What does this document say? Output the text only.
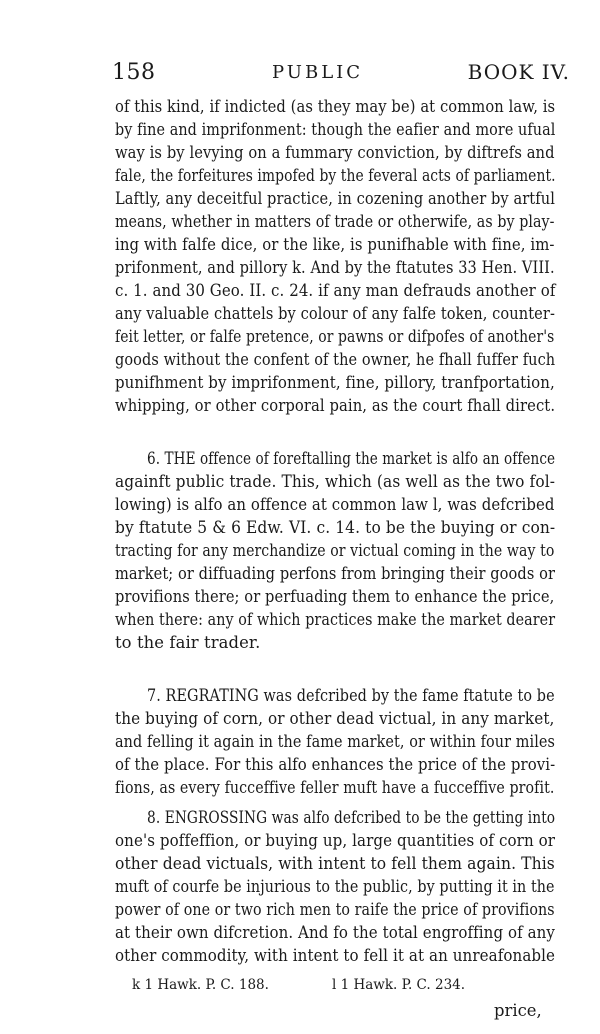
158	PUBLIC	BOOK IV.
of this kind, if indicted (as they may be) at common law, is
by fine and imprifonment: though the eafier and more ufual
way is by levying on a fummary conviction, by diftrefs and
fale, the forfeitures impofed by the feveral acts of parliament.
Laftly, any deceitful practice, in cozening another by artful
means, whether in matters of trade or otherwife, as by play-
ing with falfe dice, or the like, is punifhable with fine, im-
prifonment, and pillory k. And by the ftatutes 33 Hen. VIII.
c. 1. and 30 Geo. II. c. 24. if any man defrauds another of
any valuable chattels by colour of any falfe token, counter-
feit letter, or falfe pretence, or pawns or difpofes of another's
goods without the confent of the owner, he fhall fuffer fuch
punifhment by imprifonment, fine, pillory, tranfportation,
whipping, or other corporal pain, as the court fhall direct.
6. THE offence of foreftalling the market is alfo an offence
againft public trade. This, which (as well as the two fol-
lowing) is alfo an offence at common law l, was defcribed
by ftatute 5 & 6 Edw. VI. c. 14. to be the buying or con-
tracting for any merchandize or victual coming in the way to
market; or diffuading perfons from bringing their goods or
provifions there; or perfuading them to enhance the price,
when there: any of which practices make the market dearer
to the fair trader.
7. REGRATING was defcribed by the fame ftatute to be
the buying of corn, or other dead victual, in any market,
and felling it again in the fame market, or within four miles
of the place. For this alfo enhances the price of the provi-
fions, as every fucceffive feller muft have a fucceffive profit.
8. ENGROSSING was alfo defcribed to be the getting into
one's poffeffion, or buying up, large quantities of corn or
other dead victuals, with intent to fell them again. This
muft of courfe be injurious to the public, by putting it in the
power of one or two rich men to raife the price of provifions
at their own difcretion. And fo the total engroffing of any
other commodity, with intent to fell it at an unreafonable
k 1 Hawk. P. C. 188.	l 1 Hawk. P. C. 234.
price,
